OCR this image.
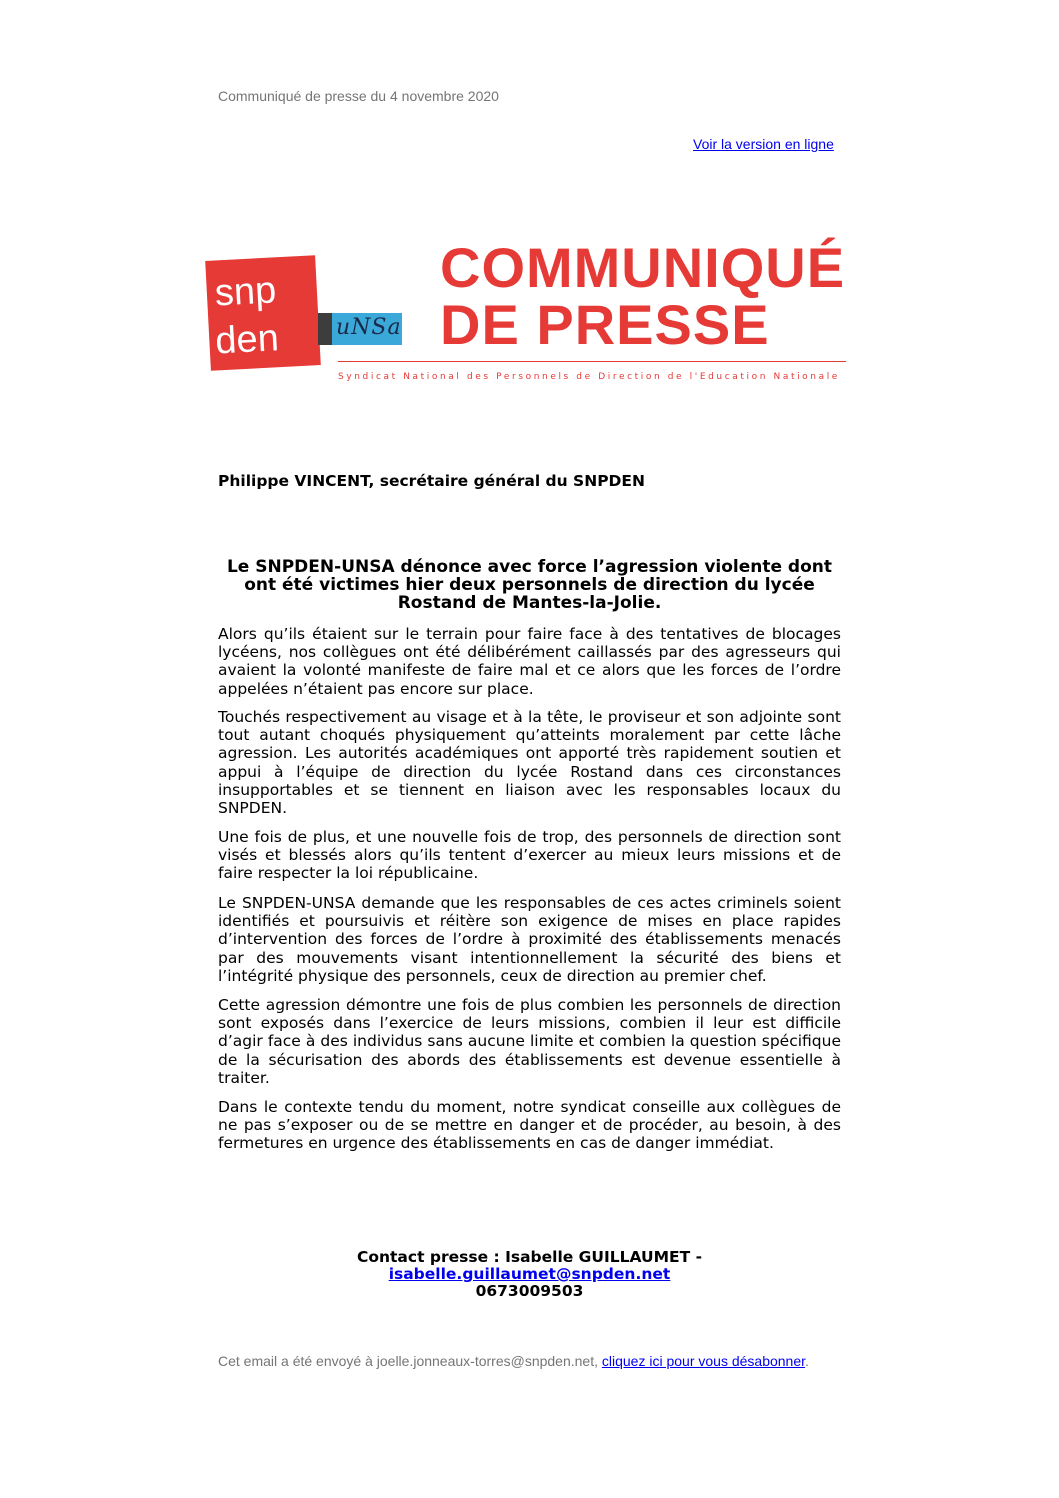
Communiqué de presse du 4 novembre 2020
Voir la version en ligne
snp
den	uNSa
COMMUNIQUÉ
DE PRESSE
Syndicat National des Personnels de Direction de l'Education Nationale
Philippe VINCENT, secrétaire général du SNPDEN
Le SNPDEN-UNSA dénonce avec force l’agression violente dont ont été victimes hier deux personnels de direction du lycée Rostand de Mantes-la-Jolie.

Alors qu’ils étaient sur le terrain pour faire face à des tentatives de blocages lycéens, nos collègues ont été délibérément caillassés par des agresseurs qui avaient la volonté manifeste de faire mal et ce alors que les forces de l’ordre appelées n’étaient pas encore sur place.

Touchés respectivement au visage et à la tête, le proviseur et son adjointe sont tout autant choqués physiquement qu’atteints moralement par cette lâche agression. Les autorités académiques ont apporté très rapidement soutien et appui à l’équipe de direction du lycée Rostand dans ces circonstances insupportables et se tiennent en liaison avec les responsables locaux du SNPDEN.

Une fois de plus, et une nouvelle fois de trop, des personnels de direction sont visés et blessés alors qu’ils tentent d’exercer au mieux leurs missions et de faire respecter la loi républicaine.

Le SNPDEN-UNSA demande que les responsables de ces actes criminels soient identifiés et poursuivis et réitère son exigence de mises en place rapides d’intervention des forces de l’ordre à proximité des établissements menacés par des mouvements visant intentionnellement la sécurité des biens et l’intégrité physique des personnels, ceux de direction au premier chef.

Cette agression démontre une fois de plus combien les personnels de direction sont exposés dans l’exercice de leurs missions, combien il leur est difficile d’agir face à des individus sans aucune limite et combien la question spécifique de la sécurisation des abords des établissements est devenue essentielle à traiter.

Dans le contexte tendu du moment, notre syndicat conseille aux collègues de ne pas s’exposer ou de se mettre en danger et de procéder, au besoin, à des fermetures en urgence des établissements en cas de danger immédiat.

Contact presse : Isabelle GUILLAUMET - isabelle.guillaumet@snpden.net
0673009503
Cet email a été envoyé à joelle.jonneaux-torres@snpden.net, cliquez ici pour vous désabonner.
